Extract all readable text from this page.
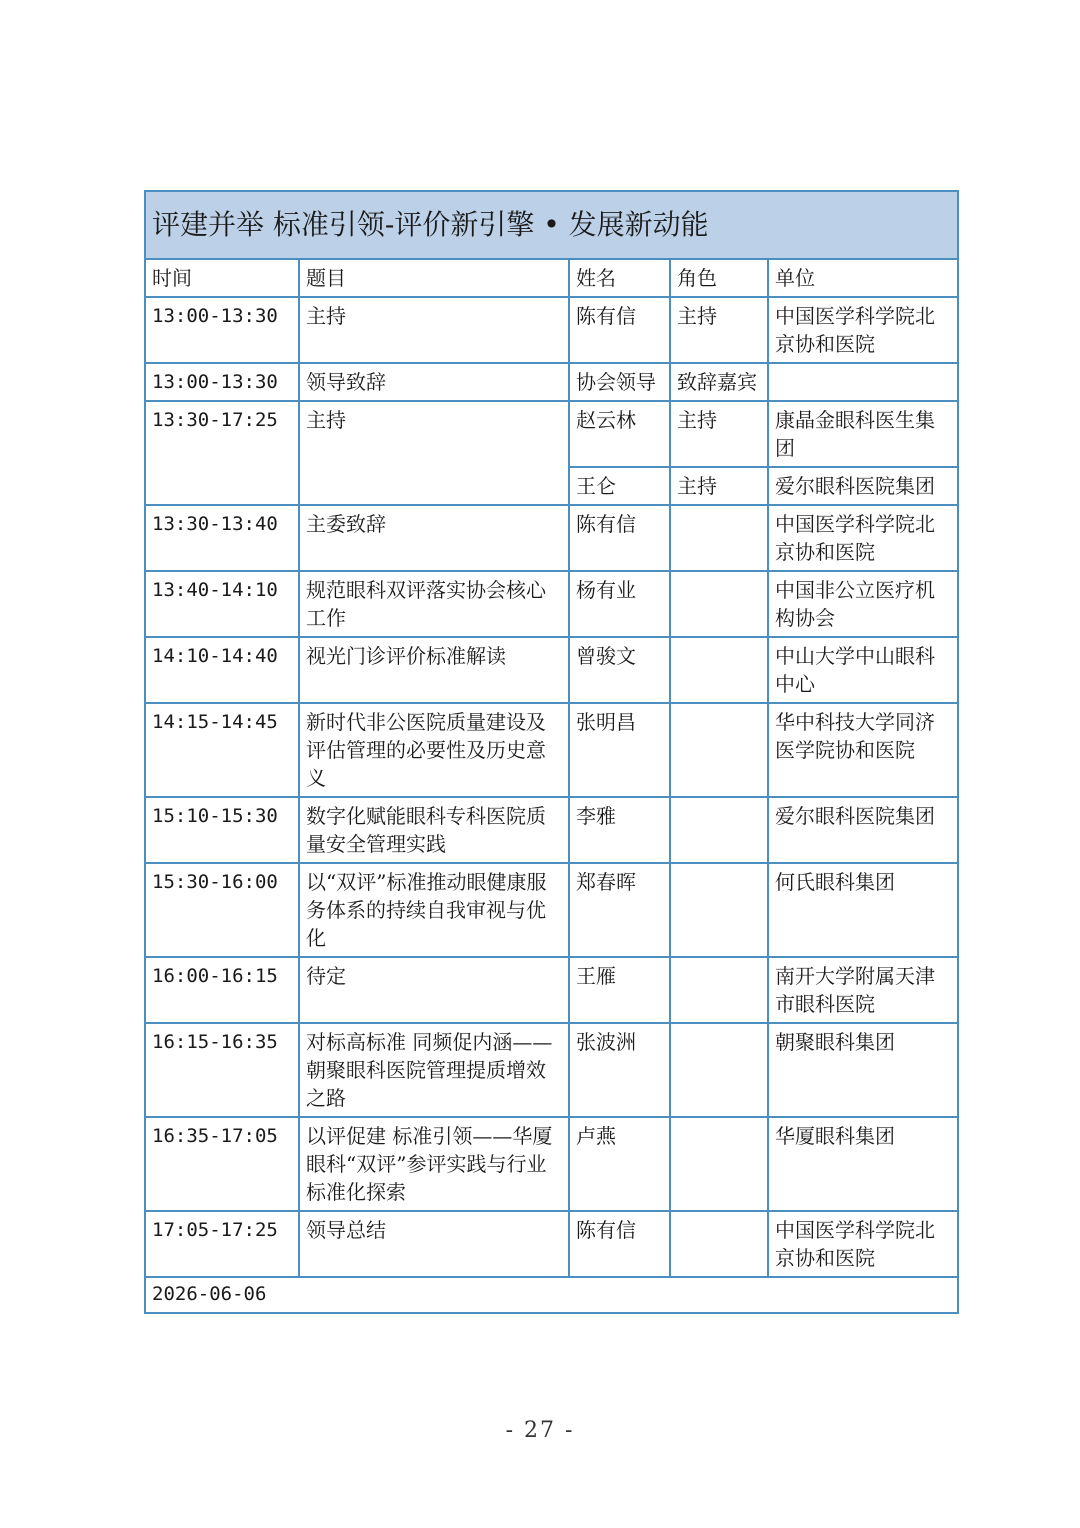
评建并举 标准引领-评价新引擎 • 发展新动能				
时间	题目	姓名	角色	单位
13:00-13:30	主持	陈有信	主持	中国医学科学院北京协和医院
13:00-13:30	领导致辞	协会领导	致辞嘉宾	
13:30-17:25	主持	赵云林	主持	康晶金眼科医生集团
		王仑	主持	爱尔眼科医院集团
13:30-13:40	主委致辞	陈有信		中国医学科学院北京协和医院
13:40-14:10	规范眼科双评落实协会核心工作	杨有业		中国非公立医疗机构协会
14:10-14:40	视光门诊评价标准解读	曾骏文		中山大学中山眼科中心
14:15-14:45	新时代非公医院质量建设及评估管理的必要性及历史意义	张明昌		华中科技大学同济医学院协和医院
15:10-15:30	数字化赋能眼科专科医院质量安全管理实践	李雅		爱尔眼科医院集团
15:30-16:00	以“双评”标准推动眼健康服务体系的持续自我审视与优化	郑春晖		何氏眼科集团
16:00-16:15	待定	王雁		南开大学附属天津市眼科医院
16:15-16:35	对标高标准 同频促内涵——朝聚眼科医院管理提质增效之路	张波洲		朝聚眼科集团
16:35-17:05	以评促建 标准引领——华厦眼科“双评”参评实践与行业标准化探索	卢燕		华厦眼科集团
17:05-17:25	领导总结	陈有信		中国医学科学院北京协和医院
2026-06-06				
- 27 -
